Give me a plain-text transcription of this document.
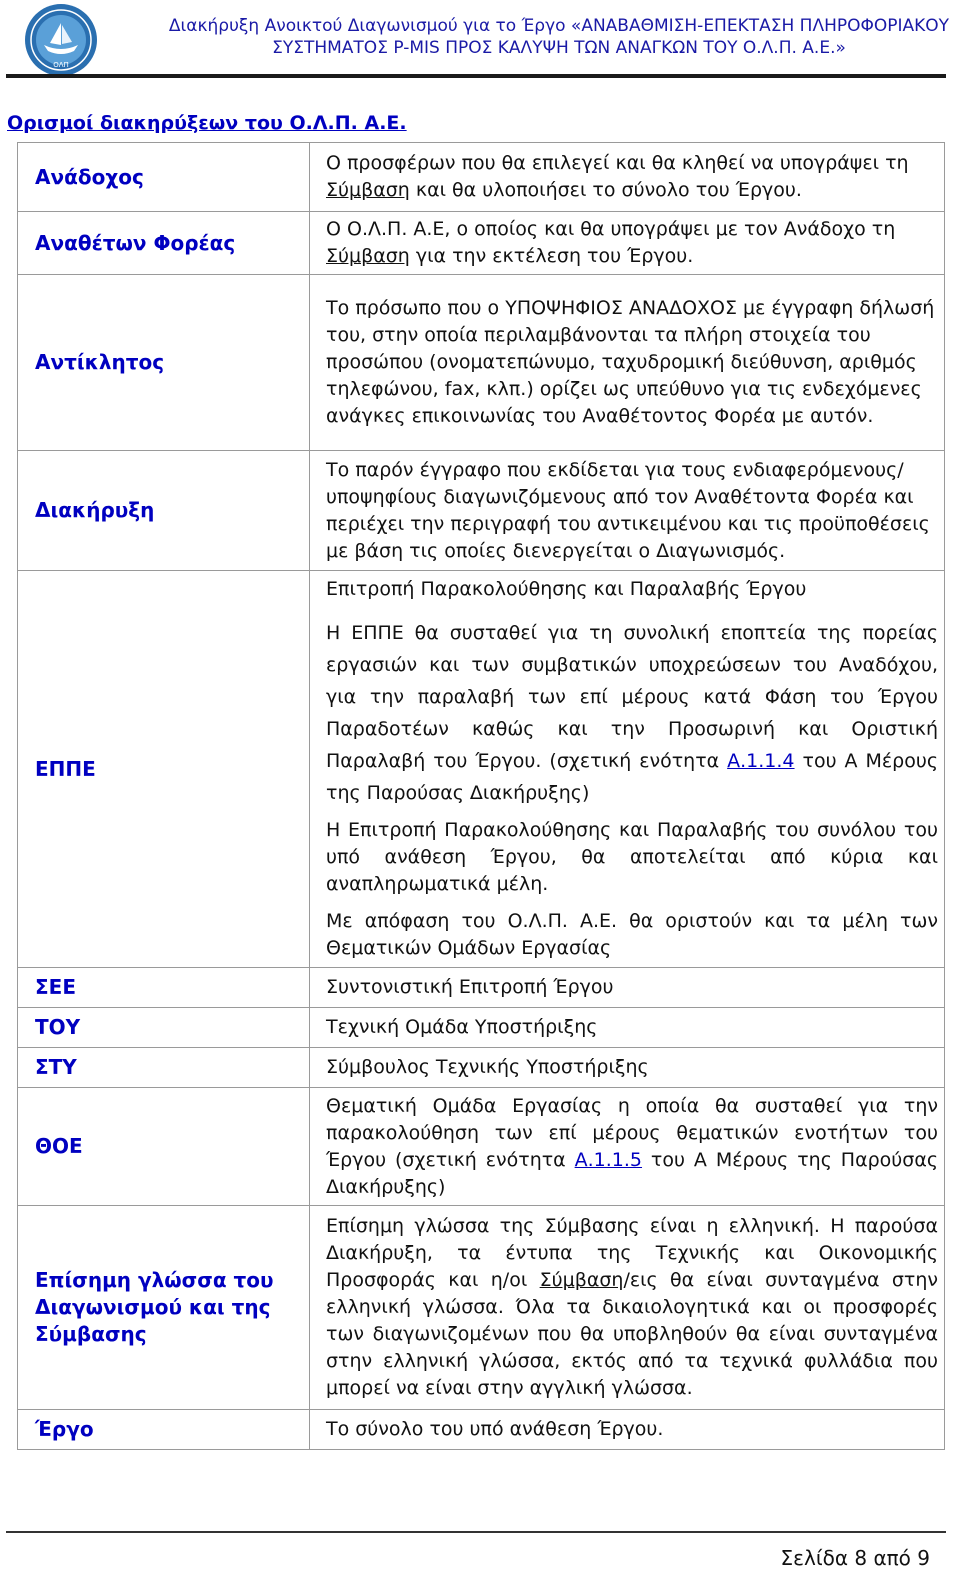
ΟΛΠ
Διακήρυξη Ανοικτού Διαγωνισμού για το Έργο «ΑΝΑΒΑΘΜΙΣΗ-ΕΠΕΚΤΑΣΗ ΠΛΗΡΟΦΟΡΙΑΚΟΥ
ΣΥΣΤΗΜΑΤΟΣ P-MIS ΠΡΟΣ ΚΑΛΥΨΗ ΤΩΝ ΑΝΑΓΚΩΝ ΤΟΥ Ο.Λ.Π. Α.Ε.»
Ορισμοί διακηρύξεων του Ο.Λ.Π. Α.Ε.
Ανάδοχος	Ο προσφέρων που θα επιλεγεί και θα κληθεί να υπογράψει τη Σύμβαση και θα υλοποιήσει το σύνολο του Έργου.
Αναθέτων Φορέας	Ο Ο.Λ.Π. Α.Ε, ο οποίος και θα υπογράψει με τον Ανάδοχο τη Σύμβαση για την εκτέλεση του Έργου.
Αντίκλητος	Το πρόσωπο που ο ΥΠΟΨΗΦΙΟΣ ΑΝΑΔΟΧΟΣ με έγγραφη δήλωσή του, στην οποία περιλαμβάνονται τα πλήρη στοιχεία του προσώπου (ονοματεπώνυμο, ταχυδρομική διεύθυνση, αριθμός τηλεφώνου, fax, κλπ.) ορίζει ως υπεύθυνο για τις ενδεχόμενες ανάγκες επικοινωνίας του Αναθέτοντος Φορέα με αυτόν.
Διακήρυξη	Το παρόν έγγραφο που εκδίδεται για τους ενδιαφερόμενους/ υποψηφίους διαγωνιζόμενους από τον Αναθέτοντα Φορέα και περιέχει την περιγραφή του αντικειμένου και τις προϋποθέσεις με βάση τις οποίες διενεργείται ο Διαγωνισμός.
ΕΠΠΕ	Επιτροπή Παρακολούθησης και Παραλαβής Έργου

Η ΕΠΠΕ θα συσταθεί για τη συνολική εποπτεία της πορείας εργασιών και των συμβατικών υποχρεώσεων του Αναδόχου, για την παραλαβή των επί μέρους κατά Φάση του Έργου Παραδοτέων καθώς και την Προσωρινή και Οριστική Παραλαβή του Έργου. (σχετική ενότητα Α.1.1.4 του Α Μέρους της Παρούσας Διακήρυξης)

Η Επιτροπή Παρακολούθησης και Παραλαβής του συνόλου του υπό ανάθεση Έργου, θα αποτελείται από κύρια και αναπληρωματικά μέλη.

Με απόφαση του Ο.Λ.Π. Α.Ε. θα οριστούν και τα μέλη των Θεματικών Ομάδων Εργασίας

ΣΕΕ	Συντονιστική Επιτροπή Έργου
ΤΟΥ	Τεχνική Ομάδα Υποστήριξης
ΣΤΥ	Σύμβουλος Τεχνικής Υποστήριξης
ΘΟΕ	Θεματική Ομάδα Εργασίας η οποία θα συσταθεί για την παρακολούθηση των επί μέρους θεματικών ενοτήτων του Έργου (σχετική ενότητα Α.1.1.5 του Α Μέρους της Παρούσας Διακήρυξης)
Επίσημη γλώσσα του Διαγωνισμού και της Σύμβασης	Επίσημη γλώσσα της Σύμβασης είναι η ελληνική. Η παρούσα Διακήρυξη, τα έντυπα της Τεχνικής και Οικονομικής Προσφοράς και η/οι Σύμβαση/εις θα είναι συνταγμένα στην ελληνική γλώσσα. Όλα τα δικαιολογητικά και οι προσφορές των διαγωνιζομένων που θα υποβληθούν θα είναι συνταγμένα στην ελληνική γλώσσα, εκτός από τα τεχνικά φυλλάδια που μπορεί να είναι στην αγγλική γλώσσα.
Έργο	Το σύνολο του υπό ανάθεση Έργου.
Σελίδα 8 από 9
